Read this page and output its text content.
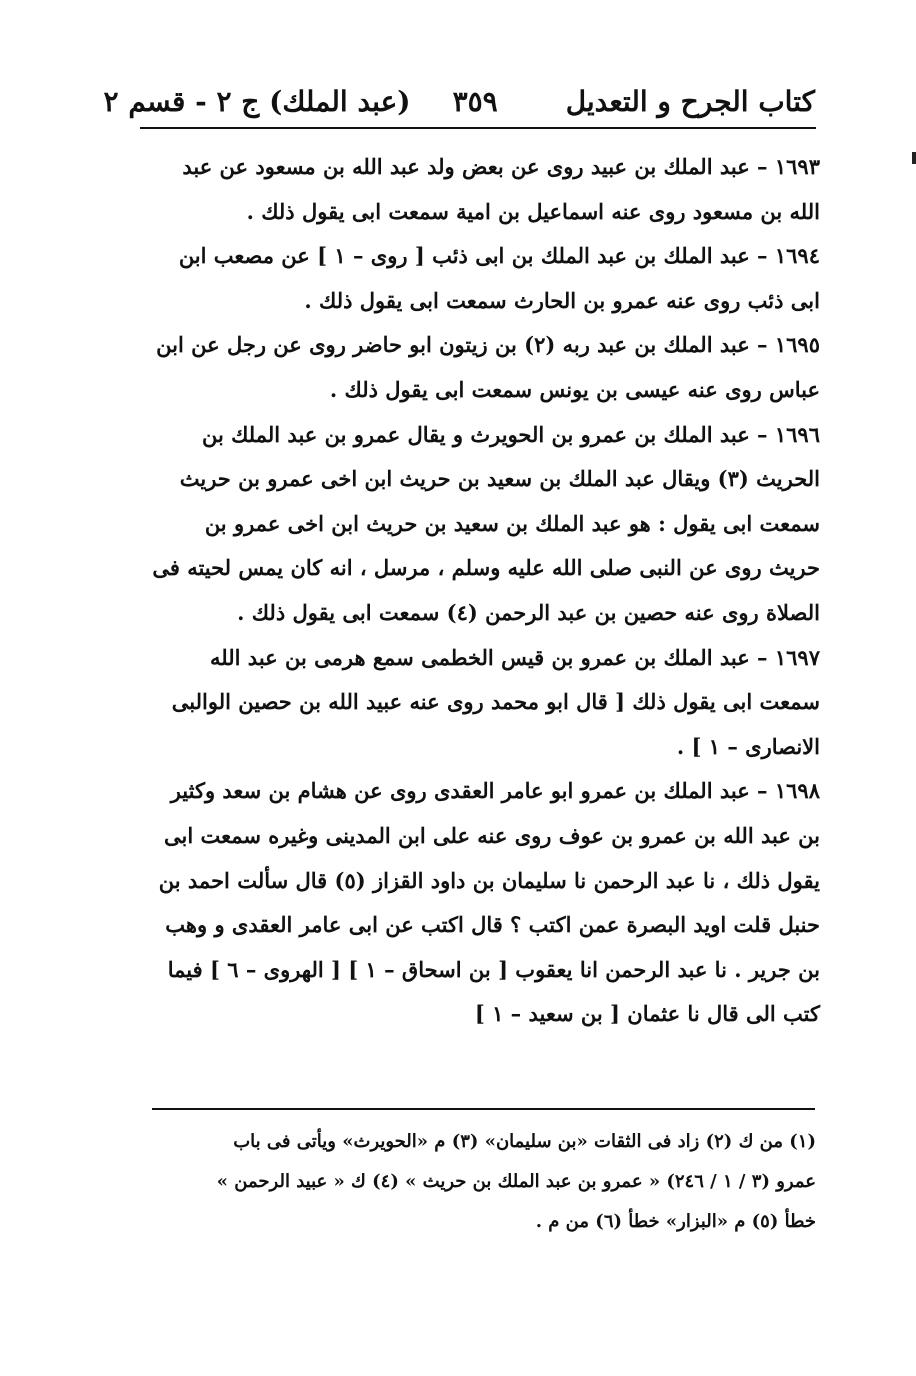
كتاب الجرح و التعديل
٣٥٩
(عبد الملك) ج ٢ - قسم ٢

١٦٩٣ – عبد الملك بن عبيد روى عن بعض ولد عبد الله بن مسعود عن عبد الله بن مسعود روى عنه اسماعيل بن امية سمعت ابى يقول ذلك .

١٦٩٤ – عبد الملك بن عبد الملك بن ابى ذئب [ روى – ١ ] عن مصعب ابن ابى ذئب روى عنه عمرو بن الحارث سمعت ابى يقول ذلك .

١٦٩٥ – عبد الملك بن عبد ربه (٢) بن زيتون ابو حاضر روى عن رجل عن ابن عباس روى عنه عيسى بن يونس سمعت ابى يقول ذلك .

١٦٩٦ – عبد الملك بن عمرو بن الحويرث و يقال عمرو بن عبد الملك بن الحريث (٣) ويقال عبد الملك بن سعيد بن حريث ابن اخى عمرو بن حريث سمعت ابى يقول : هو عبد الملك بن سعيد بن حريث ابن اخى عمرو بن حريث روى عن النبى صلى الله عليه وسلم ، مرسل ، انه كان يمس لحيته فى الصلاة روى عنه حصين بن عبد الرحمن (٤) سمعت ابى يقول ذلك .

١٦٩٧ – عبد الملك بن عمرو بن قيس الخطمى سمع هرمى بن عبد الله سمعت ابى يقول ذلك [ قال ابو محمد روى عنه عبيد الله بن حصين الوالبى الانصارى – ١ ] .

١٦٩٨ – عبد الملك بن عمرو ابو عامر العقدى روى عن هشام بن سعد وكثير بن عبد الله بن عمرو بن عوف روى عنه على ابن المدينى وغيره سمعت ابى يقول ذلك ، نا عبد الرحمن نا سليمان بن داود القزاز (٥) قال سألت احمد بن حنبل قلت اويد البصرة عمن اكتب ؟ قال اكتب عن ابى عامر العقدى و وهب بن جرير . نا عبد الرحمن انا يعقوب [ بن اسحاق – ١ ] [ الهروى – ٦ ] فيما كتب الى قال نا عثمان [ بن سعيد – ١ ]

(١) من ك (٢) زاد فى الثقات «بن سليمان» (٣) م «الحويرث» ويأتى فى باب

عمرو (٣ / ١ / ٢٤٦) « عمرو بن عبد الملك بن حريث » (٤) ك « عبيد الرحمن »

خطأ (٥) م «البزار» خطأ (٦) من م .
